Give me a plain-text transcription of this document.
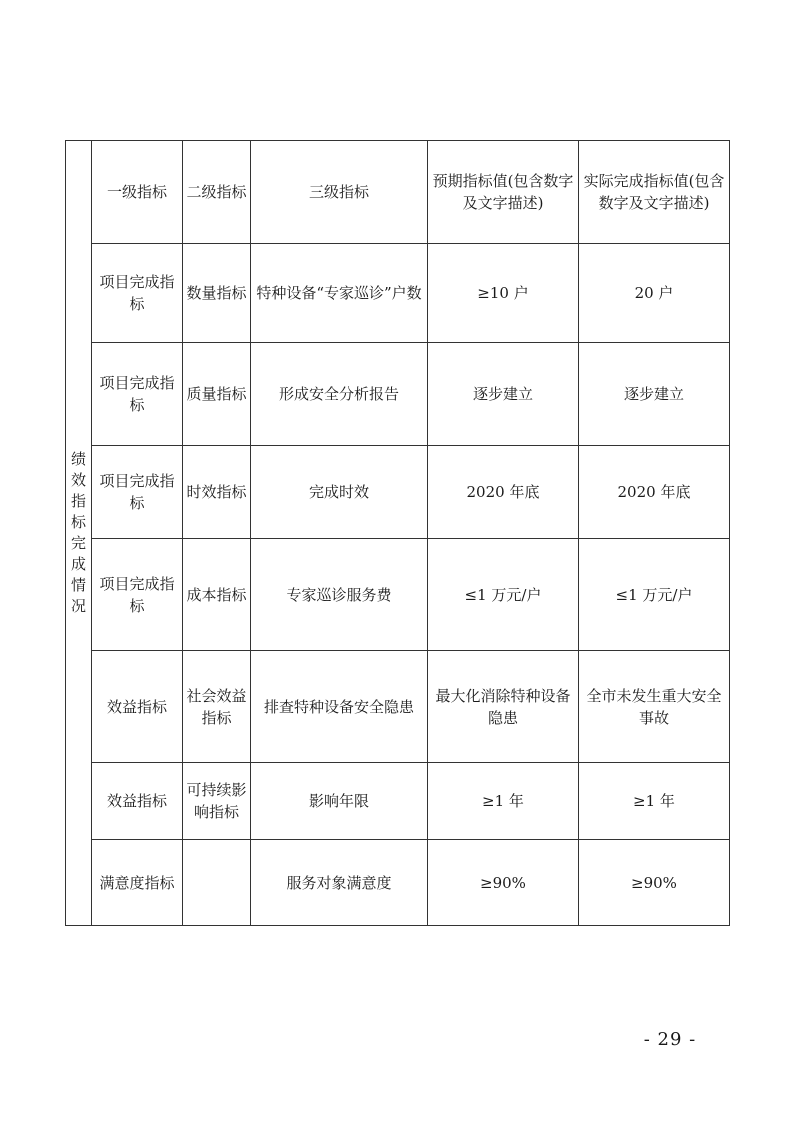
绩效指标完成情况	一级指标	二级指标	三级指标	预期指标值(包含数字及文字描述)	实际完成指标值(包含数字及文字描述)
	项目完成指标	数量指标	特种设备“专家巡诊”户数	≥10 户	20 户
	项目完成指标	质量指标	形成安全分析报告	逐步建立	逐步建立
	项目完成指标	时效指标	完成时效	2020 年底	2020 年底
	项目完成指标	成本指标	专家巡诊服务费	≤1 万元/户	≤1 万元/户
	效益指标	社会效益指标	排查特种设备安全隐患	最大化消除特种设备隐患	全市未发生重大安全事故
	效益指标	可持续影响指标	影响年限	≥1 年	≥1 年
	满意度指标		服务对象满意度	≥90%	≥90%
- 29 -
